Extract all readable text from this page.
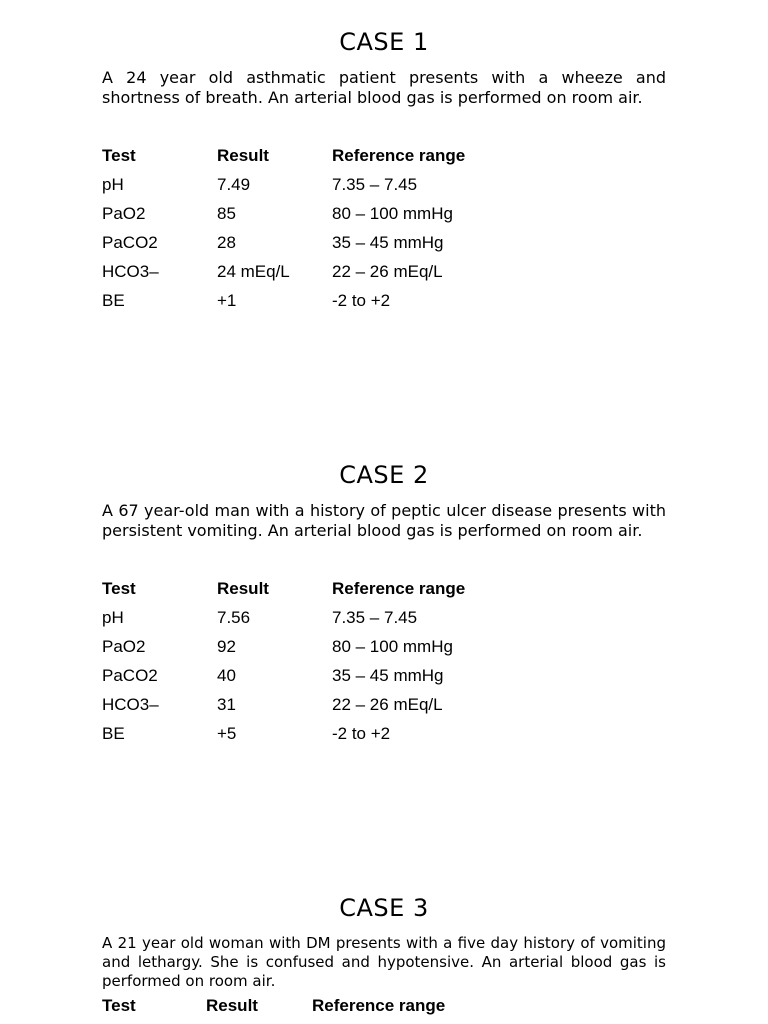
CASE 1

A 24 year old asthmatic patient presents with a wheeze and shortness of breath. An arterial blood gas is performed on room air.

Test	Result	Reference range
pH	7.49	7.35 – 7.45
PaO2	85	80 – 100 mmHg
PaCO2	28	35 – 45 mmHg
HCO3–	24 mEq/L	22 – 26 mEq/L
BE	+1	-2 to +2
CASE 2

A 67 year-old man with a history of peptic ulcer disease presents with persistent vomiting. An arterial blood gas is performed on room air.

Test	Result	Reference range
pH	7.56	7.35 – 7.45
PaO2	92	80 – 100 mmHg
PaCO2	40	35 – 45 mmHg
HCO3–	31	22 – 26 mEq/L
BE	+5	-2 to +2
CASE 3

A 21 year old woman with DM presents with a five day history of vomiting and lethargy. She is confused and hypotensive. An arterial blood gas is performed on room air.

Test	Result	Reference range
